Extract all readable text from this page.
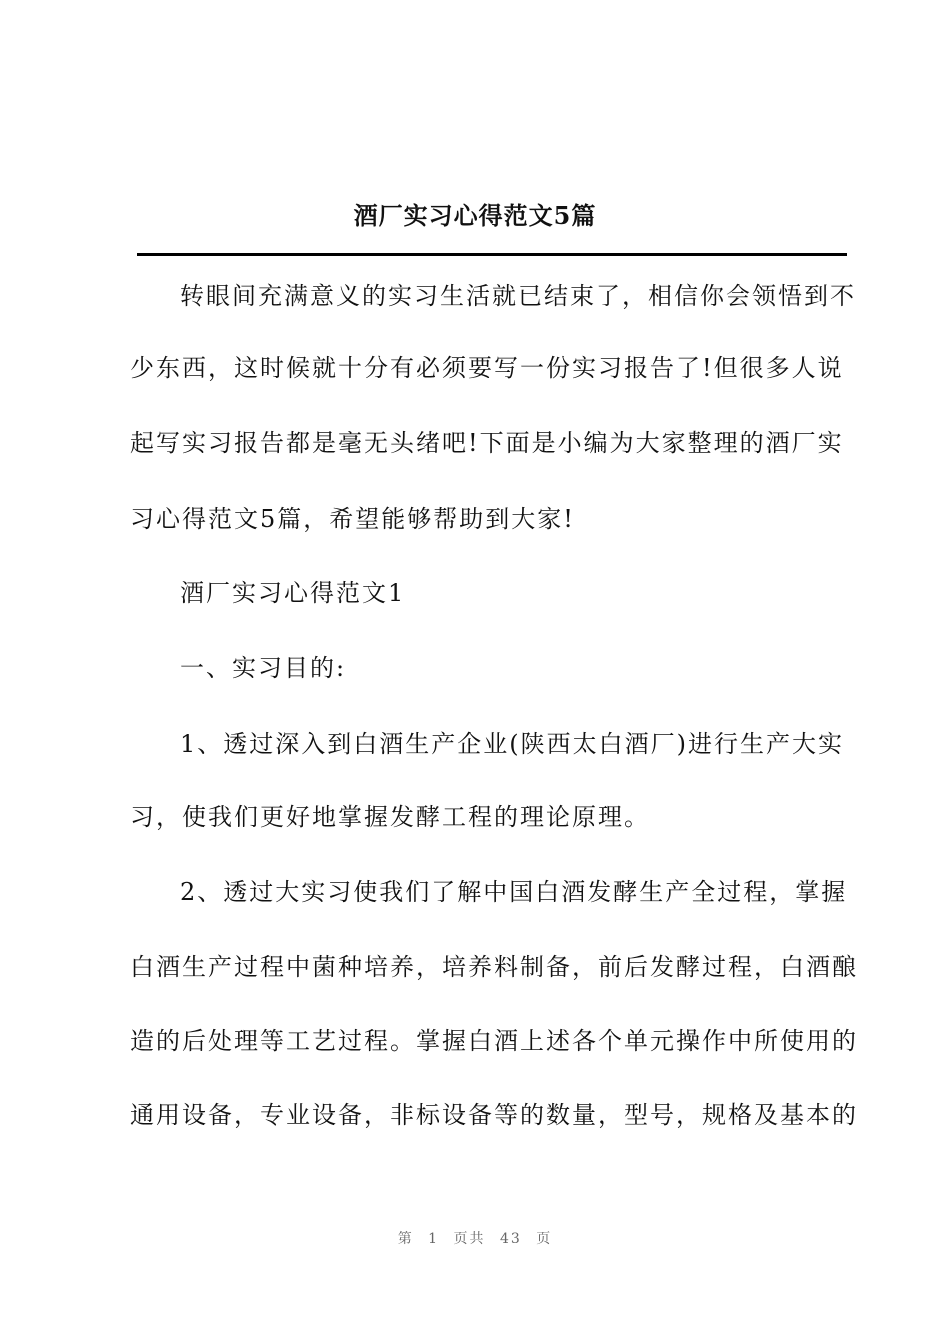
酒厂实习心得范文5篇

转眼间充满意义的实习生活就已结束了，相信你会领悟到不

少东西，这时候就十分有必须要写一份实习报告了!但很多人说

起写实习报告都是毫无头绪吧!下面是小编为大家整理的酒厂实

习心得范文5篇，希望能够帮助到大家!

酒厂实习心得范文1

一、实习目的:

1、透过深入到白酒生产企业(陕西太白酒厂)进行生产大实

习，使我们更好地掌握发酵工程的理论原理。

2、透过大实习使我们了解中国白酒发酵生产全过程，掌握

白酒生产过程中菌种培养，培养料制备，前后发酵过程，白酒酿

造的后处理等工艺过程。掌握白酒上述各个单元操作中所使用的

通用设备，专业设备，非标设备等的数量，型号，规格及基本的

第 1 页共 43 页
